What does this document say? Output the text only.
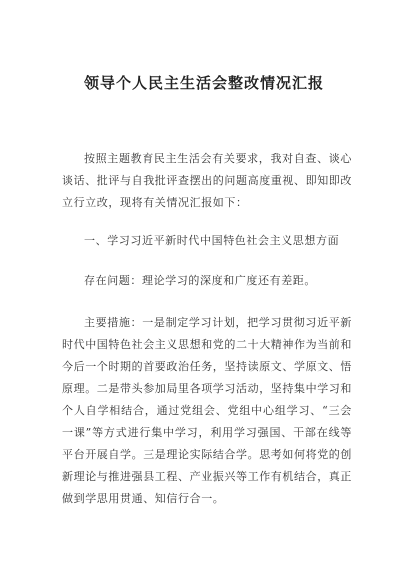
领导个人民主生活会整改情况汇报

按照主题教育民主生活会有关要求，我对自查、谈心谈话、批评与自我批评查摆出的问题高度重视、即知即改立行立改，现将有关情况汇报如下：

一、学习习近平新时代中国特色社会主义思想方面

存在问题：理论学习的深度和广度还有差距。

主要措施：一是制定学习计划，把学习贯彻习近平新时代中国特色社会主义思想和党的二十大精神作为当前和今后一个时期的首要政治任务，坚持读原文、学原文、悟原理。二是带头参加局里各项学习活动，坚持集中学习和个人自学相结合，通过党组会、党组中心组学习、“三会一课”等方式进行集中学习，利用学习强国、干部在线等平台开展自学。三是理论实际结合学。思考如何将党的创新理论与推进强县工程、产业振兴等工作有机结合，真正做到学思用贯通、知信行合一。
